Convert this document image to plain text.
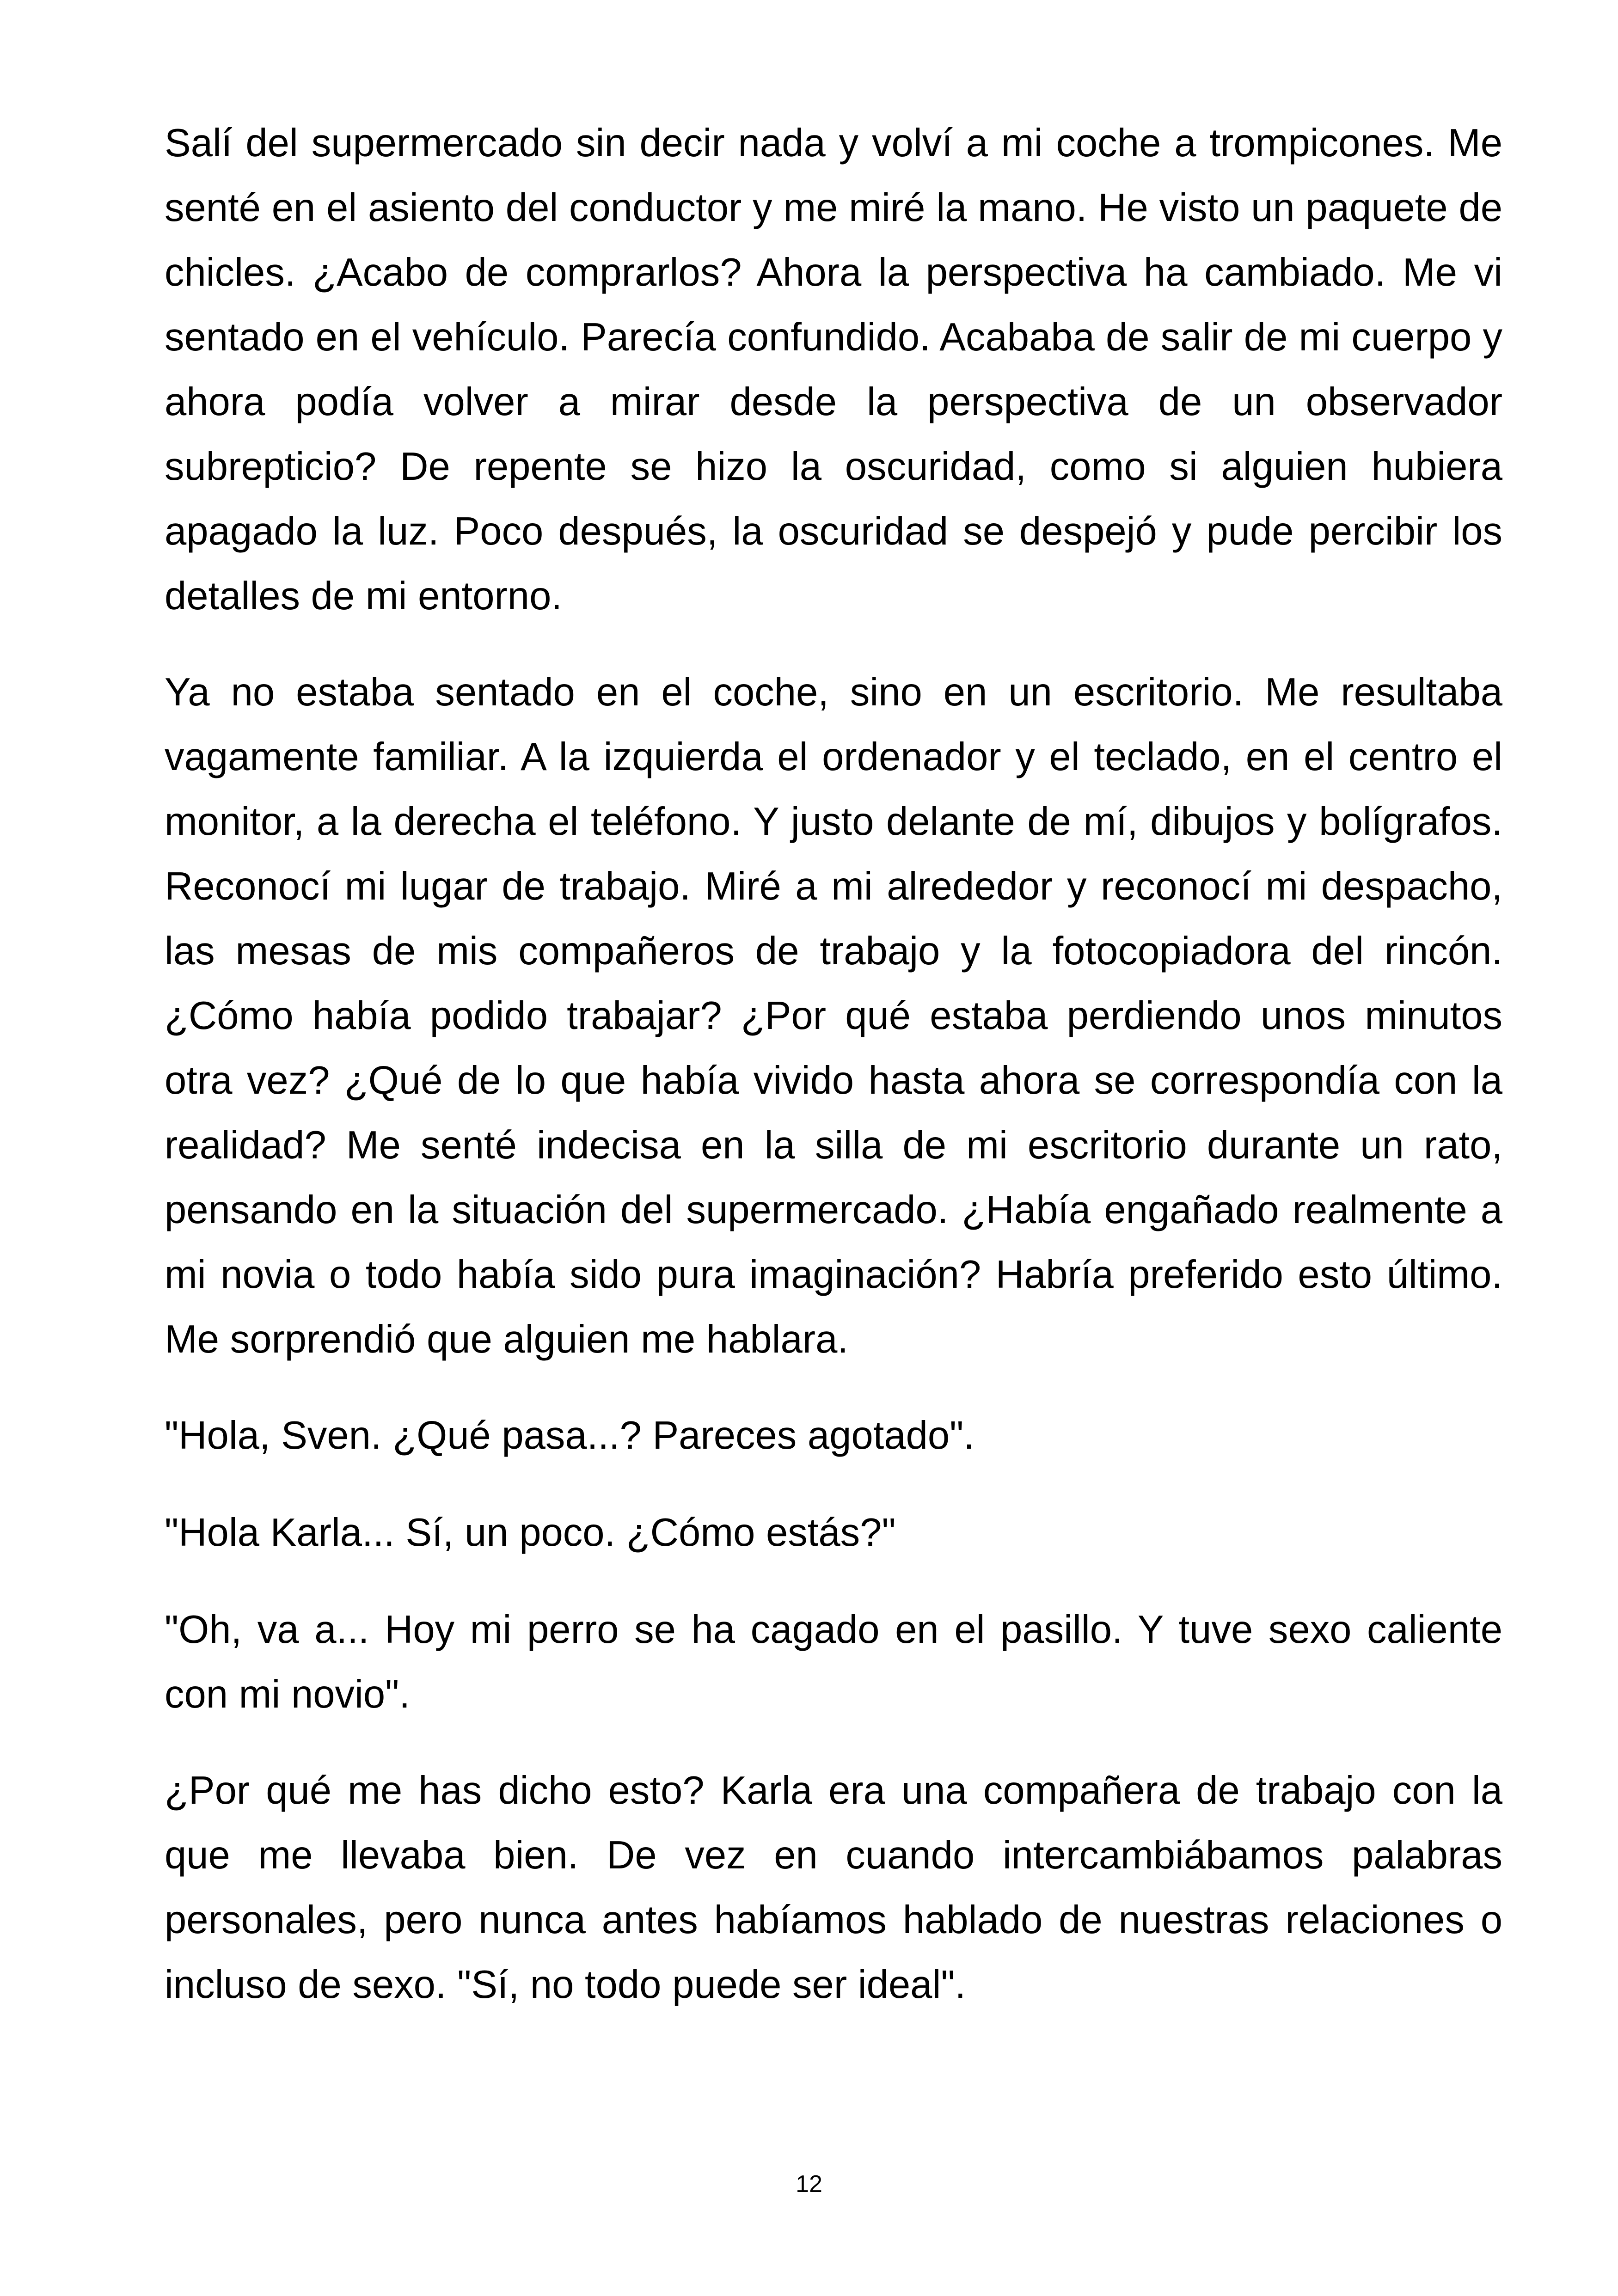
Salí del supermercado sin decir nada y volví a mi coche a trompicones. Me senté en el asiento del conductor y me miré la mano. He visto un paquete de chicles. ¿Acabo de comprarlos? Ahora la perspectiva ha cambiado. Me vi sentado en el vehículo. Parecía confundido. Acababa de salir de mi cuerpo y ahora podía volver a mirar desde la perspectiva de un observador subrepticio? De repente se hizo la oscuridad, como si alguien hubiera apagado la luz. Poco después, la oscuridad se despejó y pude percibir los detalles de mi entorno.

Ya no estaba sentado en el coche, sino en un escritorio. Me resultaba vagamente familiar. A la izquierda el ordenador y el teclado, en el centro el monitor, a la derecha el teléfono. Y justo delante de mí, dibujos y bolígrafos. Reconocí mi lugar de trabajo. Miré a mi alrededor y reconocí mi despacho, las mesas de mis compañeros de trabajo y la fotocopiadora del rincón. ¿Cómo había podido trabajar? ¿Por qué estaba perdiendo unos minutos otra vez? ¿Qué de lo que había vivido hasta ahora se correspondía con la realidad? Me senté indecisa en la silla de mi escritorio durante un rato, pensando en la situación del supermercado. ¿Había engañado realmente a mi novia o todo había sido pura imaginación? Habría preferido esto último. Me sorprendió que alguien me hablara.

"Hola, Sven. ¿Qué pasa...? Pareces agotado".

"Hola Karla... Sí, un poco. ¿Cómo estás?"

"Oh, va a... Hoy mi perro se ha cagado en el pasillo. Y tuve sexo caliente con mi novio".

¿Por qué me has dicho esto? Karla era una compañera de trabajo con la que me llevaba bien. De vez en cuando intercambiábamos palabras personales, pero nunca antes habíamos hablado de nuestras relaciones o incluso de sexo. "Sí, no todo puede ser ideal".

12
